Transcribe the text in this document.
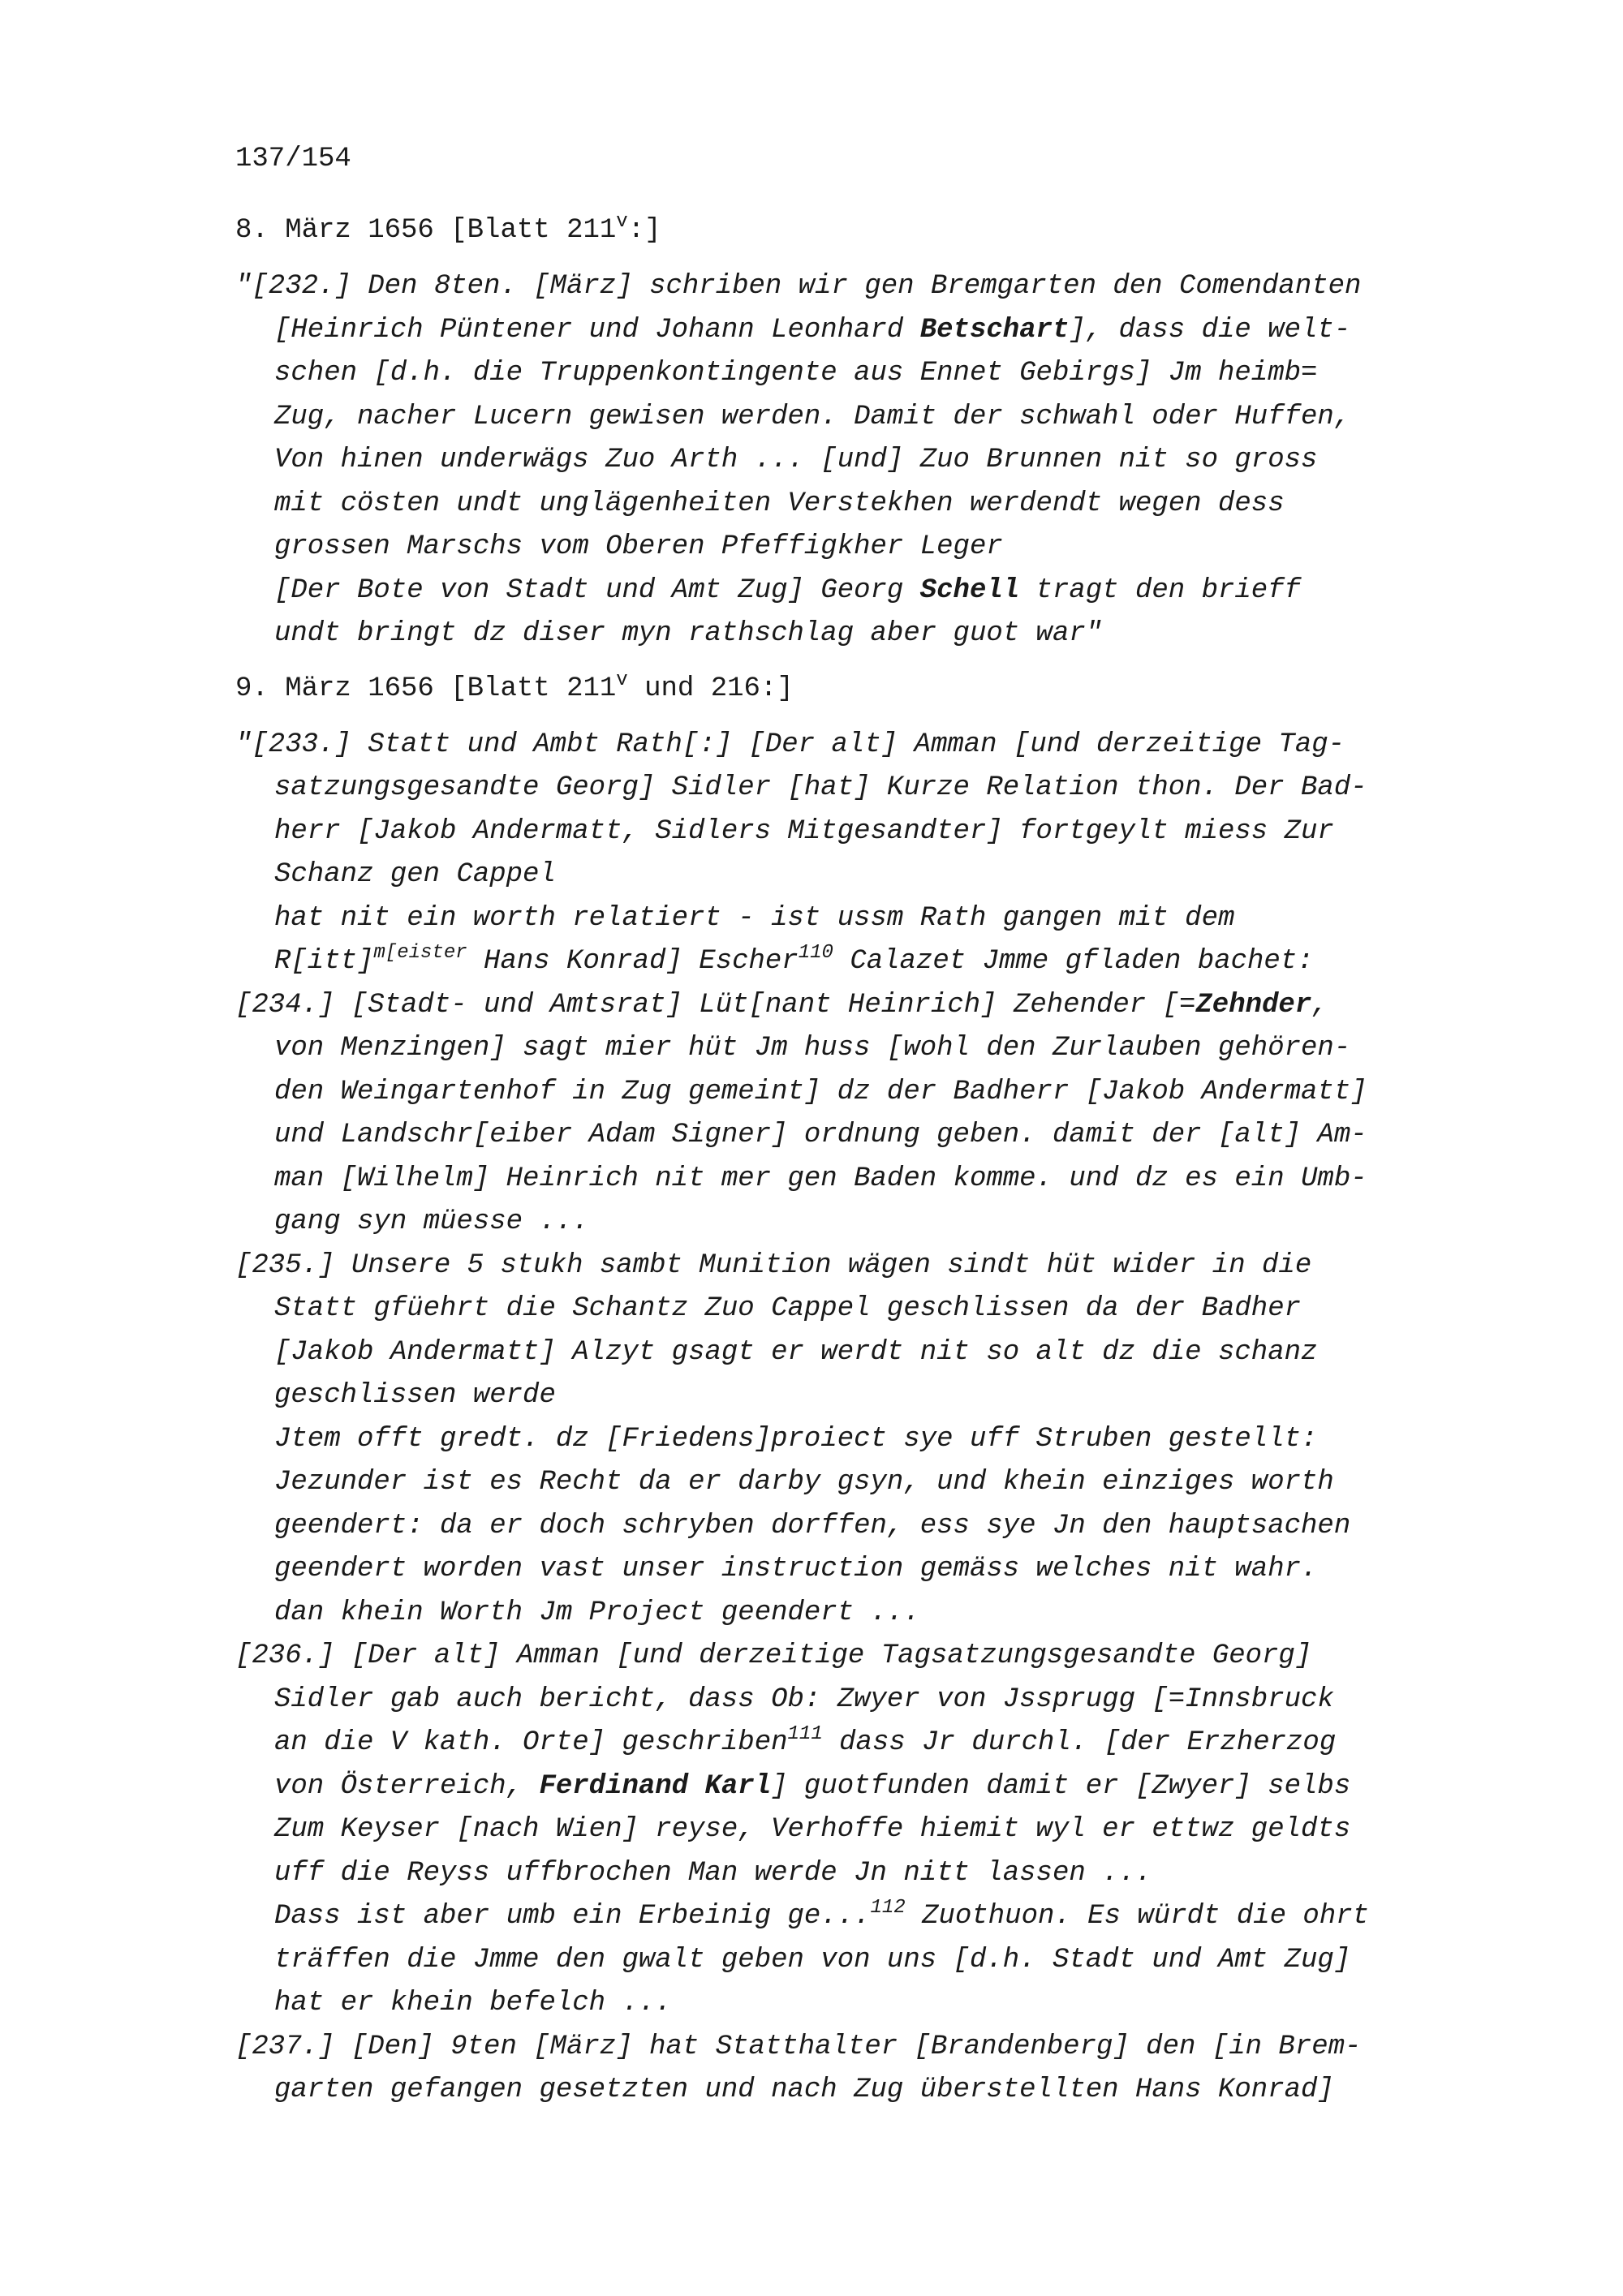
137/154

8. März 1656 [Blatt 211$^v$:]

"[232.] Den 8ten. [März] schriben wir gen Bremgarten den Comendanten
[Heinrich Püntener und Johann Leonhard Betschart], dass die welt-
schen [d.h. die Truppenkontingente aus Ennet Gebirgs] Jm heimb=
Zug, nacher Lucern gewisen werden. Damit der schwahl oder Huffen,
Von hinen underwägs Zuo Arth ... [und] Zuo Brunnen nit so gross
mit cösten undt unglägenheiten Verstekhen werdendt wegen dess
grossen Marschs vom Oberen Pfeffigkher Leger
[Der Bote von Stadt und Amt Zug] Georg Schell tragt den brieff
undt bringt dz diser myn rathschlag aber guot war"

9. März 1656 [Blatt 211$^v$ und 216:]

"[233.] Statt und Ambt Rath[:] [Der alt] Amman [und derzeitige Tag-
satzungsgesandte Georg] Sidler [hat] Kurze Relation thon. Der Bad-
herr [Jakob Andermatt, Sidlers Mitgesandter] fortgeylt miess Zur
Schanz gen Cappel
hat nit ein worth relatiert - ist ussm Rath gangen mit dem
R[itt]$^{m[eister}$ Hans Konrad] Escher$^{110}$ Calazet Jmme gfladen bachet:
[234.] [Stadt- und Amtsrat] Lüt[nant Heinrich] Zehender [=Zehnder,
von Menzingen] sagt mier hüt Jm huss [wohl den Zurlauben gehören-
den Weingartenhof in Zug gemeint] dz der Badherr [Jakob Andermatt]
und Landschr[eiber Adam Signer] ordnung geben. damit der [alt] Am-
man [Wilhelm] Heinrich nit mer gen Baden komme. und dz es ein Umb-
gang syn müesse ...
[235.] Unsere 5 stukh sambt Munition wägen sindt hüt wider in die
Statt gfüehrt die Schantz Zuo Cappel geschlissen da der Badher
[Jakob Andermatt] Alzyt gsagt er werdt nit so alt dz die schanz
geschlissen werde
Jtem offt gredt. dz [Friedens]proiect sye uff Struben gestellt:
Jezunder ist es Recht da er darby gsyn, und khein einziges worth
geendert: da er doch schryben dorffen, ess sye Jn den hauptsachen
geendert worden vast unser instruction gemäss welches nit wahr.
dan khein Worth Jm Project geendert ...
[236.] [Der alt] Amman [und derzeitige Tagsatzungsgesandte Georg]
Sidler gab auch bericht, dass Ob: Zwyer von Jssprugg [=Innsbruck
an die V kath. Orte] geschriben$^{111}$ dass Jr durchl. [der Erzherzog
von Österreich, Ferdinand Karl] guotfunden damit er [Zwyer] selbs
Zum Keyser [nach Wien] reyse, Verhoffe hiemit wyl er ettwz geldts
uff die Reyss uffbrochen Man werde Jn nitt lassen ...
Dass ist aber umb ein Erbeinig ge...$^{112}$ Zuothuon. Es würdt die ohrt
träffen die Jmme den gwalt geben von uns [d.h. Stadt und Amt Zug]
hat er khein befelch ...
[237.] [Den] 9ten [März] hat Statthalter [Brandenberg] den [in Brem-
garten gefangen gesetzten und nach Zug überstellten Hans Konrad]
